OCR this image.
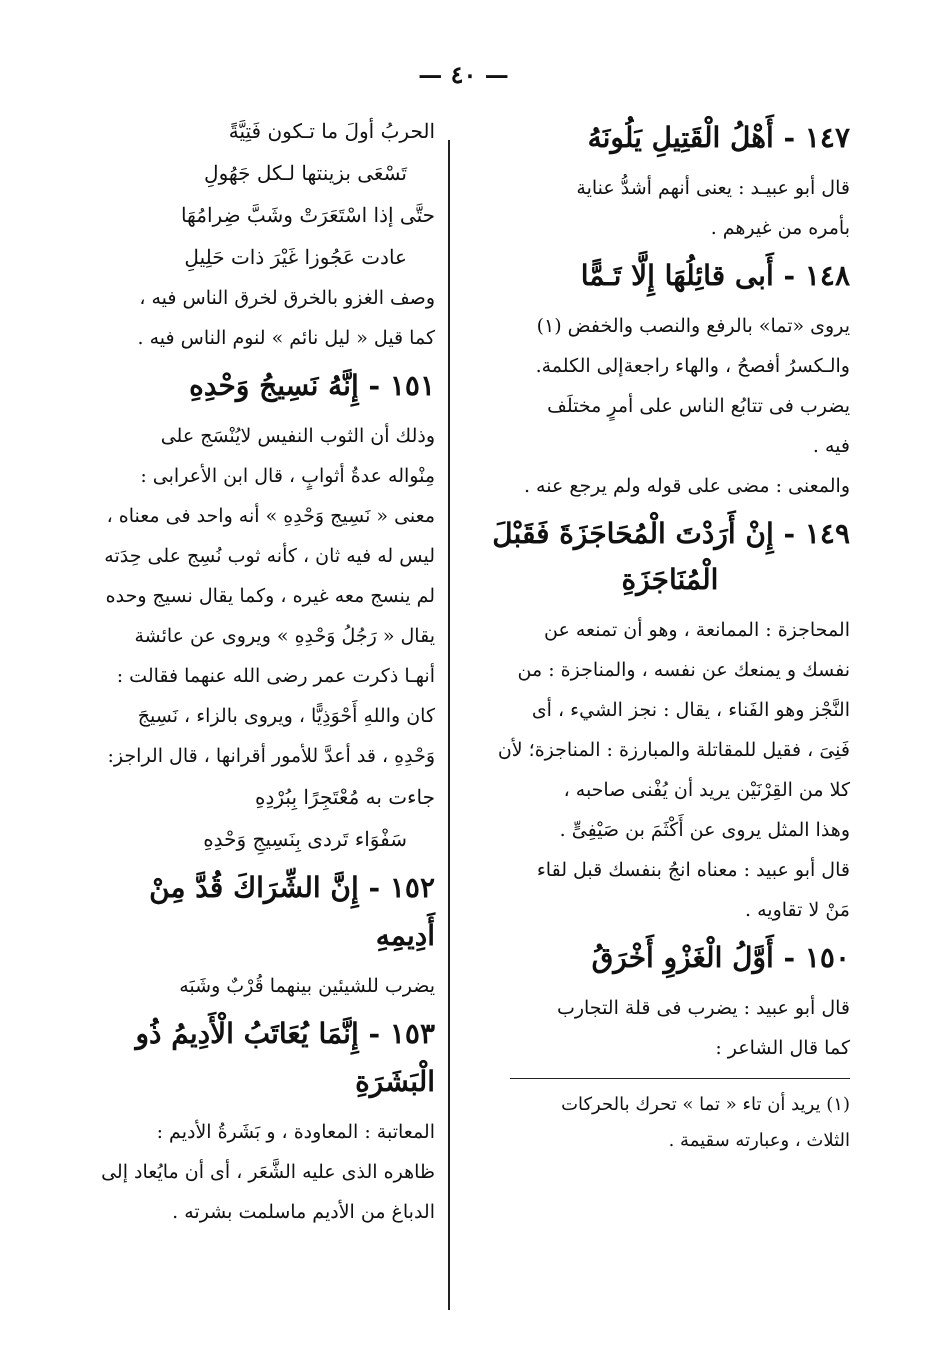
— ٤٠ —
١٤٧ - أَهْلُ الْقَتِيلِ يَلُونَهُ

قال أبو عبيـد : يعنى أنهم أشدُّ عناية

بأمره من غيرهم .

١٤٨ - أَبى قائِلُهَا إِلَّا تَـمًّا

يروى «تما» بالرفع والنصب والخفض (١)

والـكسرُ أفصحُ ، والهاء راجعةإلى الكلمة.

يضرب فى تتابُع الناس على أمرٍ مختلَف

فيه .

والمعنى : مضى على قوله ولم يرجع عنه .

١٤٩ - إِنْ أَرَدْتَ الْمُحَاجَزَةَ فَقَبْلَ
الْمُنَاجَزَةِ

المحاجزة : الممانعة ، وهو أن تمنعه عن

نفسك و يمنعك عن نفسه ، والمناجزة : من

النَّجْز وهو الفَناء ، يقال : نجز الشيء ، أى

فَنِىَ ، فقيل للمقاتلة والمبارزة : المناجزة؛ لأن

كلا من القِرْنَيْن يريد أن يُفْنى صاحبه ،

وهذا المثل يروى عن أَكْثَمَ بن صَيْفِىٍّ .

قال أبو عبيد : معناه انجُ بنفسك قبل لقاء

مَنْ لا تقاويه .

١٥٠ - أَوَّلُ الْغَزْوِ أَخْرَقُ

قال أبو عبيد : يضرب فى قلة التجارب

كما قال الشاعر :

(١) يريد أن تاء « تما » تحرك بالحركات

الثلاث ، وعبارته سقيمة .

الحربُ أولَ ما تـكون فَتِيَّةً

تَسْعَى بزينتها لـكل جَهُولِ

حتَّى إذا اسْتَعَرَتْ وشَبَّ ضِرامُهَا

عادت عَجُوزا غَيْرَ ذات حَلِيلِ

وصف الغزو بالخرق لخرق الناس فيه ،

كما قيل « ليل نائم » لنوم الناس فيه .

١٥١ - إِنَّهُ نَسِيجُ وَحْدِهِ

وذلك أن الثوب النفيس لايُنْسَج على

مِنْواله عدةُ أثوابٍ ، قال ابن الأعرابى :

معنى « نَسِيج وَحْدِهِ » أنه واحد فى معناه ،

ليس له فيه ثان ، كأنه ثوب نُسِج على حِدَته

لم ينسج معه غيره ، وكما يقال نسيج وحده

يقال « رَجُلُ وَحْدِهِ » ويروى عن عائشة

أنهـا ذكرت عمر رضى الله عنهما فقالت :

كان واللهِ أَحْوَذِيًّا ، ويروى بالزاء ، نَسِيجَ

وَحْدِهِ ، قد أعدَّ للأمور أقرانها ، قال الراجز:

جاءت به مُعْتَجِرًا بِبُرْدِهِ

سَفْوَاء تَردى بِنَسِيجِ وَحْدِهِ

١٥٢ - إِنَّ الشِّرَاكَ قُدَّ مِنْ أَدِيمِهِ

يضرب للشيئين بينهما قُرْبٌ وشَبَه

١٥٣ - إِنَّمَا يُعَاتَبُ الْأَدِيمُ ذُو الْبَشَرَةِ

المعاتبة : المعاودة ، و بَشَرةُ الأديم :

ظاهره الذى عليه الشَّعَر ، أى أن مايُعاد إلى

الدباغ من الأديم ماسلمت بشرته .
